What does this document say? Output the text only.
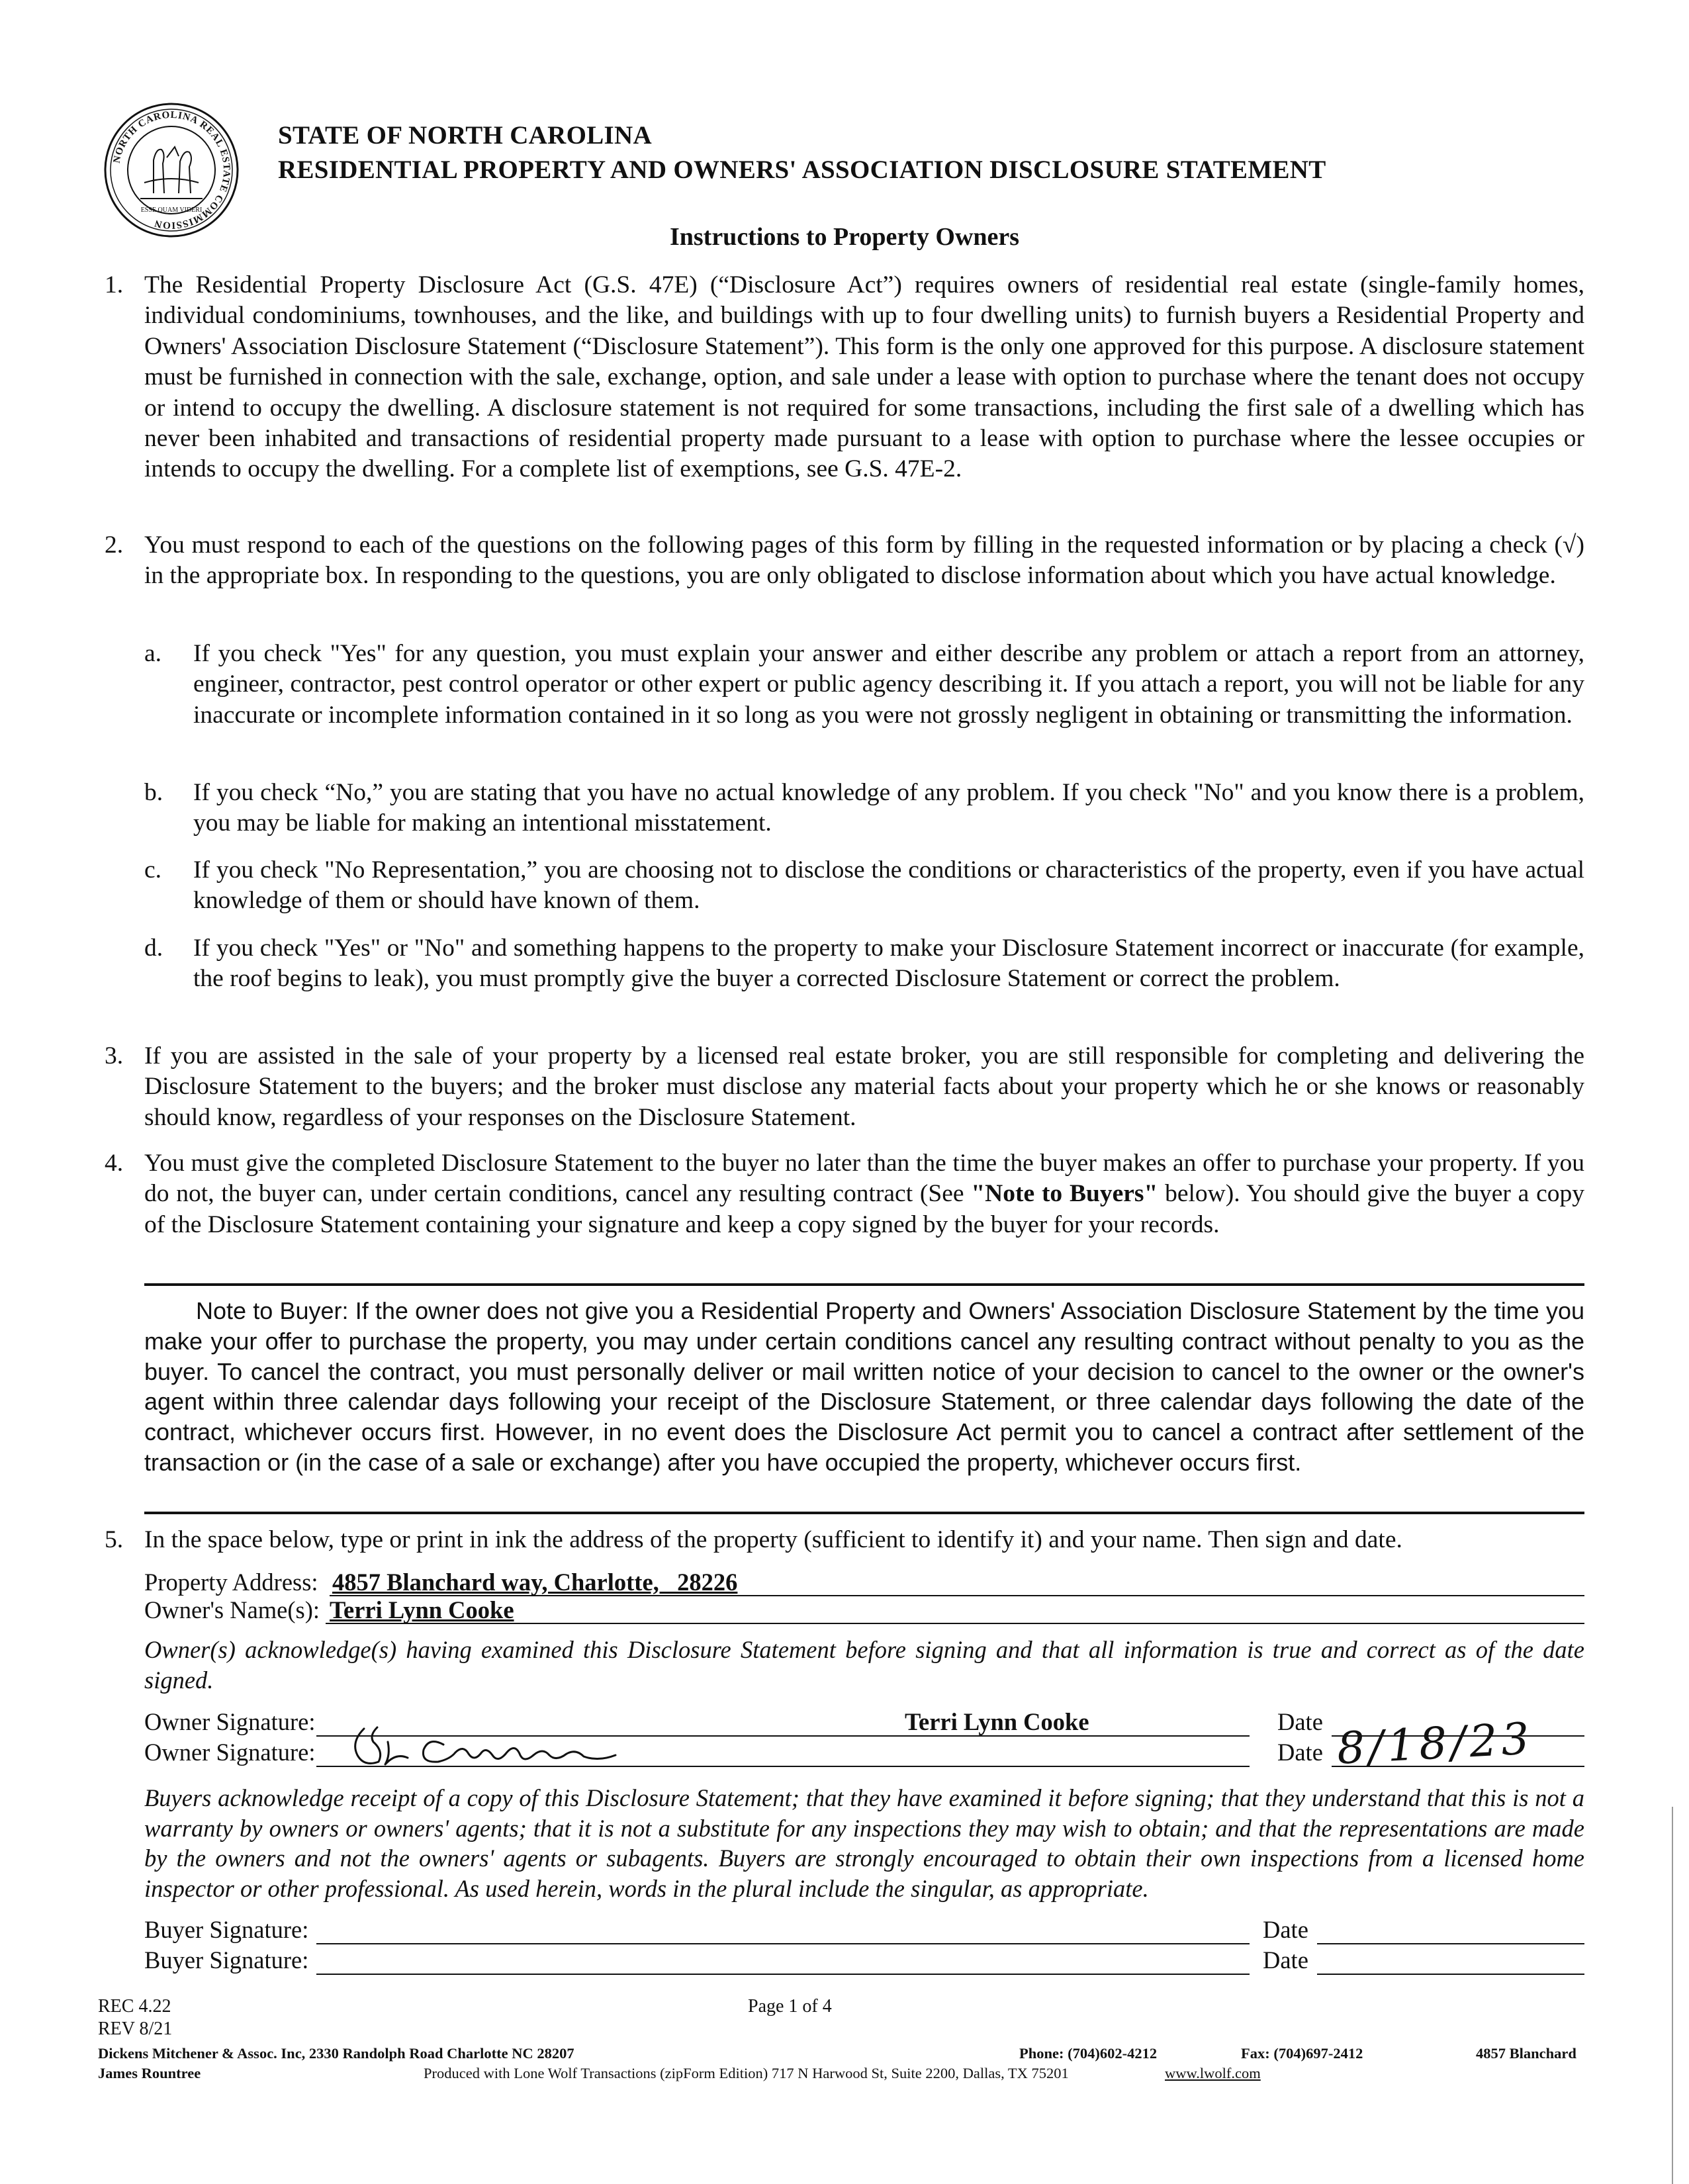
NORTH CAROLINA REAL ESTATE COMMISSION
ESSE QUAM VIDERI
STATE OF NORTH CAROLINA
RESIDENTIAL PROPERTY AND OWNERS' ASSOCIATION DISCLOSURE STATEMENT
Instructions to Property Owners
1. The Residential Property Disclosure Act (G.S. 47E) (“Disclosure Act”) requires owners of residential real estate (single-family homes, individual condominiums, townhouses, and the like, and buildings with up to four dwelling units) to furnish buyers a Residential Property and Owners' Association Disclosure Statement (“Disclosure Statement”). This form is the only one approved for this purpose. A disclosure statement must be furnished in connection with the sale, exchange, option, and sale under a lease with option to purchase where the tenant does not occupy or intend to occupy the dwelling. A disclosure statement is not required for some transactions, including the first sale of a dwelling which has never been inhabited and transactions of residential property made pursuant to a lease with option to purchase where the lessee occupies or intends to occupy the dwelling. For a complete list of exemptions, see G.S. 47E-2.
2. You must respond to each of the questions on the following pages of this form by filling in the requested information or by placing a check (√) in the appropriate box. In responding to the questions, you are only obligated to disclose information about which you have actual knowledge.
a. If you check "Yes" for any question, you must explain your answer and either describe any problem or attach a report from an attorney, engineer, contractor, pest control operator or other expert or public agency describing it. If you attach a report, you will not be liable for any inaccurate or incomplete information contained in it so long as you were not grossly negligent in obtaining or transmitting the information.
b. If you check “No,” you are stating that you have no actual knowledge of any problem. If you check "No" and you know there is a problem, you may be liable for making an intentional misstatement.
c. If you check "No Representation,” you are choosing not to disclose the conditions or characteristics of the property, even if you have actual knowledge of them or should have known of them.
d. If you check "Yes" or "No" and something happens to the property to make your Disclosure Statement incorrect or inaccurate (for example, the roof begins to leak), you must promptly give the buyer a corrected Disclosure Statement or correct the problem.
3. If you are assisted in the sale of your property by a licensed real estate broker, you are still responsible for completing and delivering the Disclosure Statement to the buyers; and the broker must disclose any material facts about your property which he or she knows or reasonably should know, regardless of your responses on the Disclosure Statement.
4. You must give the completed Disclosure Statement to the buyer no later than the time the buyer makes an offer to purchase your property. If you do not, the buyer can, under certain conditions, cancel any resulting contract (See "Note to Buyers" below). You should give the buyer a copy of the Disclosure Statement containing your signature and keep a copy signed by the buyer for your records.
Note to Buyer: If the owner does not give you a Residential Property and Owners' Association Disclosure Statement by the time you make your offer to purchase the property, you may under certain conditions cancel any resulting contract without penalty to you as the buyer. To cancel the contract, you must personally deliver or mail written notice of your decision to cancel to the owner or the owner's agent within three calendar days following your receipt of the Disclosure Statement, or three calendar days following the date of the contract, whichever occurs first. However, in no event does the Disclosure Act permit you to cancel a contract after settlement of the transaction or (in the case of a sale or exchange) after you have occupied the property, whichever occurs first.
5. In the space below, type or print in ink the address of the property (sufficient to identify it) and your name. Then sign and date.
Property Address: 4857 Blanchard way, Charlotte,   28226
Owner's Name(s): Terri Lynn Cooke
Owner(s) acknowledge(s) having examined this Disclosure Statement before signing and that all information is true and correct as of the date signed.
Owner Signature:	Terri Lynn Cooke	Date
Owner Signature:	Date 8/18/23
Buyers acknowledge receipt of a copy of this Disclosure Statement; that they have examined it before signing; that they understand that this is not a warranty by owners or owners' agents; that it is not a substitute for any inspections they may wish to obtain; and that the representations are made by the owners and not the owners' agents or subagents. Buyers are strongly encouraged to obtain their own inspections from a licensed home inspector or other professional. As used herein, words in the plural include the singular, as appropriate.
Buyer Signature:	Date
Buyer Signature:	Date
REC 4.22
REV 8/21
Page 1 of 4
Dickens Mitchener & Assoc. Inc, 2330 Randolph Road Charlotte NC 28207	Phone: (704)602-4212	Fax: (704)697-2412	4857 Blanchard
James Rountree	Produced with Lone Wolf Transactions (zipForm Edition) 717 N Harwood St, Suite 2200, Dallas, TX 75201	www.lwolf.com
